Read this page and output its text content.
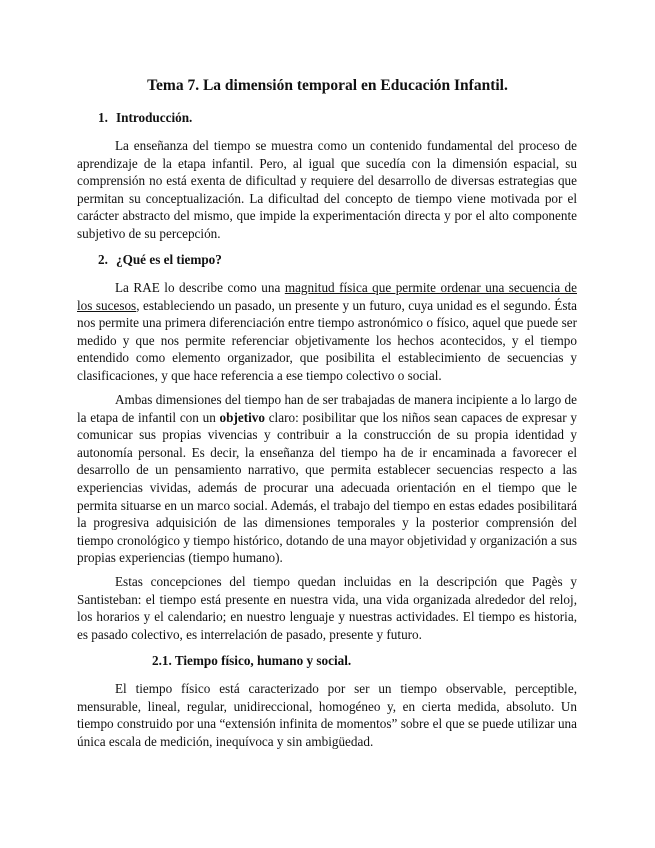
Tema 7. La dimensión temporal en Educación Infantil.
1. Introducción.

La enseñanza del tiempo se muestra como un contenido fundamental del proceso de aprendizaje de la etapa infantil. Pero, al igual que sucedía con la dimensión espacial, su comprensión no está exenta de dificultad y requiere del desarrollo de diversas estrategias que permitan su conceptualización. La dificultad del concepto de tiempo viene motivada por el carácter abstracto del mismo, que impide la experimentación directa y por el alto componente subjetivo de su percepción.

2. ¿Qué es el tiempo?

La RAE lo describe como una magnitud física que permite ordenar una secuencia de los sucesos, estableciendo un pasado, un presente y un futuro, cuya unidad es el segundo. Ésta nos permite una primera diferenciación entre tiempo astronómico o físico, aquel que puede ser medido y que nos permite referenciar objetivamente los hechos acontecidos, y el tiempo entendido como elemento organizador, que posibilita el establecimiento de secuencias y clasificaciones, y que hace referencia a ese tiempo colectivo o social.

Ambas dimensiones del tiempo han de ser trabajadas de manera incipiente a lo largo de la etapa de infantil con un objetivo claro: posibilitar que los niños sean capaces de expresar y comunicar sus propias vivencias y contribuir a la construcción de su propia identidad y autonomía personal. Es decir, la enseñanza del tiempo ha de ir encaminada a favorecer el desarrollo de un pensamiento narrativo, que permita establecer secuencias respecto a las experiencias vividas, además de procurar una adecuada orientación en el tiempo que le permita situarse en un marco social. Además, el trabajo del tiempo en estas edades posibilitará la progresiva adquisición de las dimensiones temporales y la posterior comprensión del tiempo cronológico y tiempo histórico, dotando de una mayor objetividad y organización a sus propias experiencias (tiempo humano).

Estas concepciones del tiempo quedan incluidas en la descripción que Pagès y Santisteban: el tiempo está presente en nuestra vida, una vida organizada alrededor del reloj, los horarios y el calendario; en nuestro lenguaje y nuestras actividades. El tiempo es historia, es pasado colectivo, es interrelación de pasado, presente y futuro.

2.1. Tiempo físico, humano y social.

El tiempo físico está caracterizado por ser un tiempo observable, perceptible, mensurable, lineal, regular, unidireccional, homogéneo y, en cierta medida, absoluto. Un tiempo construido por una “extensión infinita de momentos” sobre el que se puede utilizar una única escala de medición, inequívoca y sin ambigüedad.
